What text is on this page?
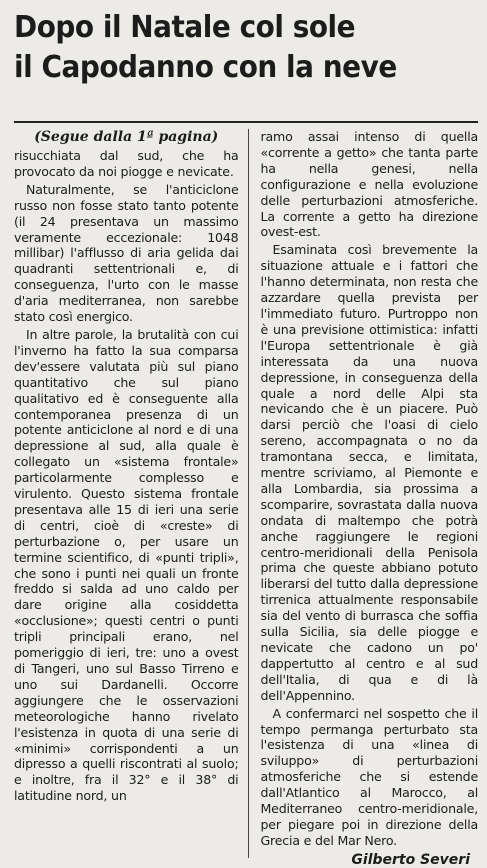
Dopo il Natale col sole
il Capodanno con la neve
(Segue dalla 1ª pagina)

risucchiata dal sud, che ha provocato da noi piogge e nevicate.

Naturalmente, se l'anticiclone russo non fosse stato tanto potente (il 24 presentava un massimo veramente eccezionale: 1048 millibar) l'afflusso di aria gelida dai quadranti settentrionali e, di conseguenza, l'urto con le masse d'aria mediterranea, non sarebbe stato così energico.

In altre parole, la brutalità con cui l'inverno ha fatto la sua comparsa dev'essere valutata più sul piano quantitativo che sul piano qualitativo ed è conseguente alla contemporanea presenza di un potente anticiclone al nord e di una depressione al sud, alla quale è collegato un «sistema frontale» particolarmente complesso e virulento. Questo sistema frontale presentava alle 15 di ieri una serie di centri, cioè di «creste» di perturbazione o, per usare un termine scientifico, di «punti tripli», che sono i punti nei quali un fronte freddo si salda ad uno caldo per dare origine alla cosiddetta «occlusione»; questi centri o punti tripli principali erano, nel pomeriggio di ieri, tre: uno a ovest di Tangeri, uno sul Basso Tirreno e uno sui Dardanelli. Occorre aggiungere che le osservazioni meteorologiche hanno rivelato l'esistenza in quota di una serie di «minimi» corrispondenti a un dipresso a quelli riscontrati al suolo; e inoltre, fra il 32° e il 38° di latitudine nord, un

ramo assai intenso di quella «corrente a getto» che tanta parte ha nella genesi, nella configurazione e nella evoluzione delle perturbazioni atmosferiche. La corrente a getto ha direzione ovest-est.

Esaminata così brevemente la situazione attuale e i fattori che l'hanno determinata, non resta che azzardare quella prevista per l'immediato futuro. Purtroppo non è una previsione ottimistica: infatti l'Europa settentrionale è già interessata da una nuova depressione, in conseguenza della quale a nord delle Alpi sta nevicando che è un piacere. Può darsi perciò che l'oasi di cielo sereno, accompagnata o no da tramontana secca, e limitata, mentre scriviamo, al Piemonte e alla Lombardia, sia prossima a scomparire, sovrastata dalla nuova ondata di maltempo che potrà anche raggiungere le regioni centro-meridionali della Penisola prima che queste abbiano potuto liberarsi del tutto dalla depressione tirrenica attualmente responsabile sia del vento di burrasca che soffia sulla Sicilia, sia delle piogge e nevicate che cadono un po' dappertutto al centro e al sud dell'Italia, di qua e di là dell'Appennino.

A confermarci nel sospetto che il tempo permanga perturbato sta l'esistenza di una «linea di sviluppo» di perturbazioni atmosferiche che si estende dall'Atlantico al Marocco, al Mediterraneo centro-meridionale, per piegare poi in direzione della Grecia e del Mar Nero.

Gilberto Severi
